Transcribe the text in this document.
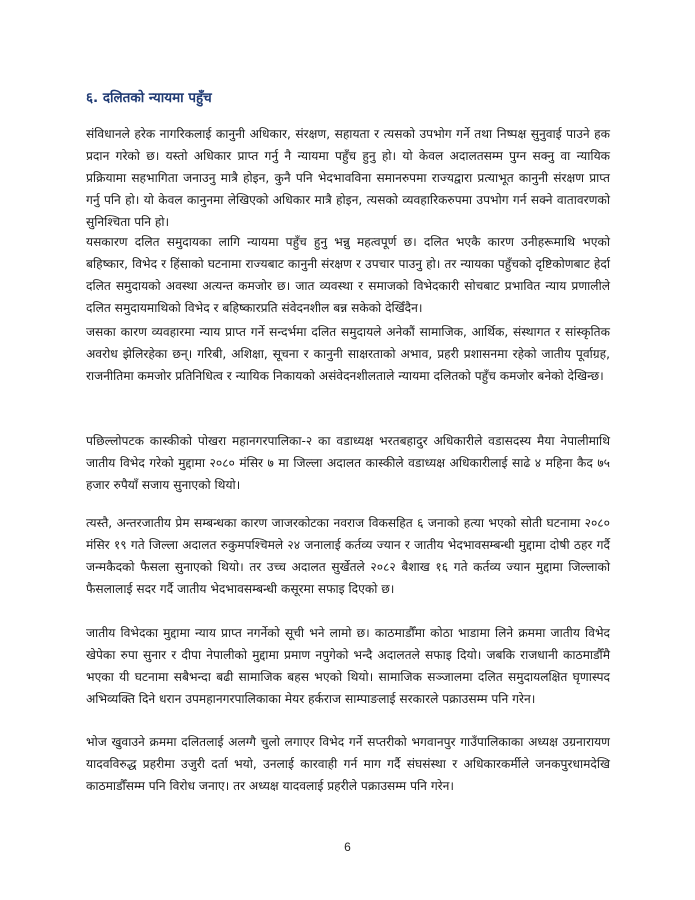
६. दलितको न्यायमा पहुँच

संविधानले हरेक नागरिकलाई कानुनी अधिकार, संरक्षण, सहायता र त्यसको उपभोग गर्ने तथा निष्पक्ष सुनुवाई पाउने हक प्रदान गरेको छ। यस्तो अधिकार प्राप्त गर्नु नै न्यायमा पहुँच हुनु हो। यो केवल अदालतसम्म पुग्न सक्नु वा न्यायिक प्रक्रियामा सहभागिता जनाउनु मात्रै होइन, कुनै पनि भेदभावविना समानरुपमा राज्यद्वारा प्रत्याभूत कानुनी संरक्षण प्राप्त गर्नु पनि हो। यो केवल कानुनमा लेखिएको अधिकार मात्रै होइन, त्यसको व्यवहारिकरुपमा उपभोग गर्न सक्ने वातावरणको सुनिश्चिता पनि हो।

यसकारण दलित समुदायका लागि न्यायमा पहुँच हुनु भन्नु महत्वपूर्ण छ। दलित भएकै कारण उनीहरूमाथि भएको बहिष्कार, विभेद र हिंसाको घटनामा राज्यबाट कानुनी संरक्षण र उपचार पाउनु हो। तर न्यायका पहुँचको दृष्टिकोणबाट हेर्दा दलित समुदायको अवस्था अत्यन्त कमजोर छ। जात व्यवस्था र समाजको विभेदकारी सोचबाट प्रभावित न्याय प्रणालीले दलित समुदायमाथिको विभेद र बहिष्कारप्रति संवेदनशील बन्न सकेको देखिँदैन।

जसका कारण व्यवहारमा न्याय प्राप्त गर्ने सन्दर्भमा दलित समुदायले अनेकौं सामाजिक, आर्थिक, संस्थागत र सांस्कृतिक अवरोध झेलिरहेका छन्। गरिबी, अशिक्षा, सूचना र कानुनी साक्षरताको अभाव, प्रहरी प्रशासनमा रहेको जातीय पूर्वाग्रह, राजनीतिमा कमजोर प्रतिनिधित्व र न्यायिक निकायको असंवेदनशीलताले न्यायमा दलितको पहुँच कमजोर बनेको देखिन्छ।

पछिल्लोपटक कास्कीको पोखरा महानगरपालिका-२ का वडाध्यक्ष भरतबहादुर अधिकारीले वडासदस्य मैया नेपालीमाथि जातीय विभेद गरेको मुद्दामा २०८० मंसिर ७ मा जिल्ला अदालत कास्कीले वडाध्यक्ष अधिकारीलाई साढे ४ महिना कैद ७५ हजार रुपैयाँ सजाय सुनाएको थियो।

त्यस्तै, अन्तरजातीय प्रेम सम्बन्धका कारण जाजरकोटका नवराज विकसहित ६ जनाको हत्या भएको सोती घटनामा २०८० मंसिर १९ गते जिल्ला अदालत रुकुमपश्चिमले २४ जनालाई कर्तव्य ज्यान र जातीय भेदभावसम्बन्धी मुद्दामा दोषी ठहर गर्दै जन्मकैदको फैसला सुनाएको थियो। तर उच्च अदालत सुर्खेतले २०८२ बैशाख १६ गते कर्तव्य ज्यान मुद्दामा जिल्लाको फैसलालाई सदर गर्दै जातीय भेदभावसम्बन्धी कसूरमा सफाइ दिएको छ।

जातीय विभेदका मुद्दामा न्याय प्राप्त नगर्नेको सूची भने लामो छ। काठमाडौँमा कोठा भाडामा लिने क्रममा जातीय विभेद खेपेका रुपा सुनार र दीपा नेपालीको मुद्दामा प्रमाण नपुगेको भन्दै अदालतले सफाइ दियो। जबकि राजधानी काठमाडौँमै भएका यी घटनामा सबैभन्दा बढी सामाजिक बहस भएको थियो। सामाजिक सञ्जालमा दलित समुदायलक्षित घृणास्पद अभिव्यक्ति दिने धरान उपमहानगरपालिकाका मेयर हर्कराज साम्पाङलाई सरकारले पक्राउसम्म पनि गरेन।

भोज खुवाउने क्रममा दलितलाई अलग्गै चुलो लगाएर विभेद गर्ने सप्तरीको भगवानपुर गाउँपालिकाका अध्यक्ष उग्रनारायण यादवविरुद्ध प्रहरीमा उजुरी दर्ता भयो, उनलाई कारवाही गर्न माग गर्दै संघसंस्था र अधिकारकर्मीले जनकपुरधामदेखि काठमाडौँसम्म पनि विरोध जनाए। तर अध्यक्ष यादवलाई प्रहरीले पक्राउसम्म पनि गरेन।

6
